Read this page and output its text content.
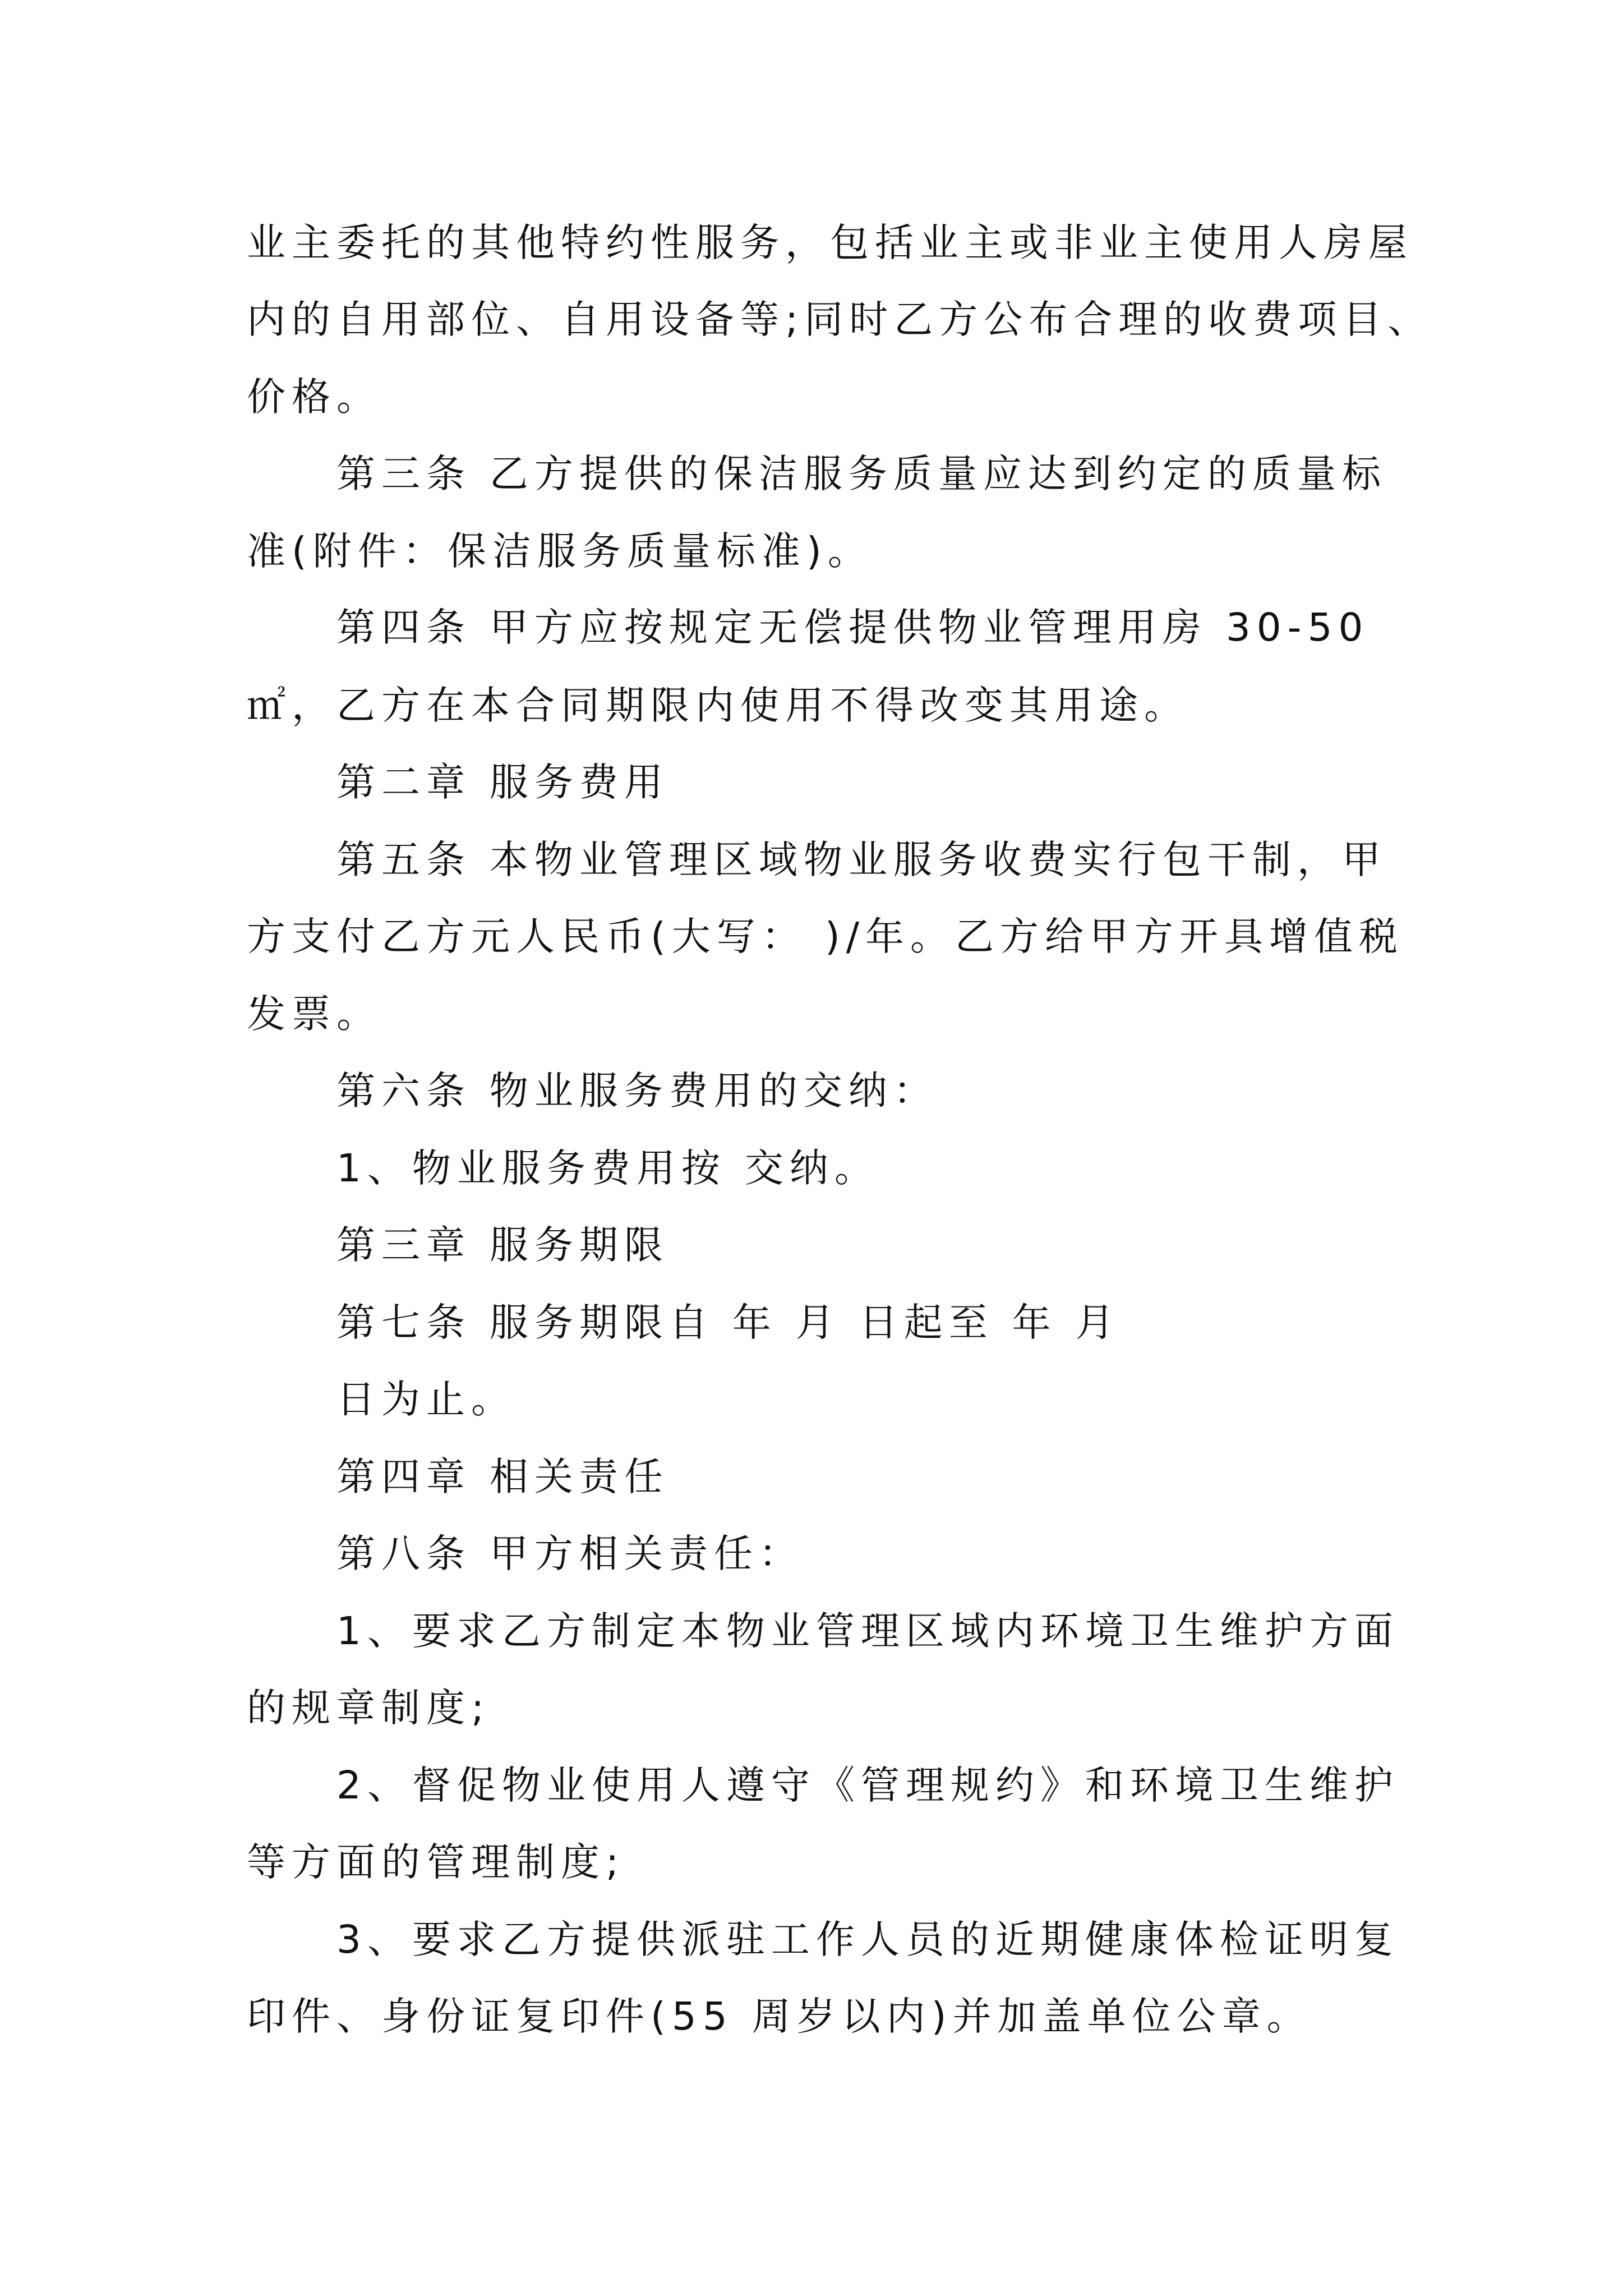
业主委托的其他特约性服务，包括业主或非业主使用人房屋

内的自用部位、自用设备等;同时乙方公布合理的收费项目、

价格。

第三条 乙方提供的保洁服务质量应达到约定的质量标

准(附件：保洁服务质量标准)。

第四条 甲方应按规定无偿提供物业管理用房 30-50

㎡，乙方在本合同期限内使用不得改变其用途。

第二章 服务费用

第五条 本物业管理区域物业服务收费实行包干制，甲

方支付乙方元人民币(大写： )/年。乙方给甲方开具增值税

发票。

第六条 物业服务费用的交纳：

1、物业服务费用按 交纳。

第三章 服务期限

第七条 服务期限自 年 月 日起至 年 月

日为止。

第四章 相关责任

第八条 甲方相关责任：

1、要求乙方制定本物业管理区域内环境卫生维护方面

的规章制度;

2、督促物业使用人遵守《管理规约》和环境卫生维护

等方面的管理制度;

3、要求乙方提供派驻工作人员的近期健康体检证明复

印件、身份证复印件(55 周岁以内)并加盖单位公章。
